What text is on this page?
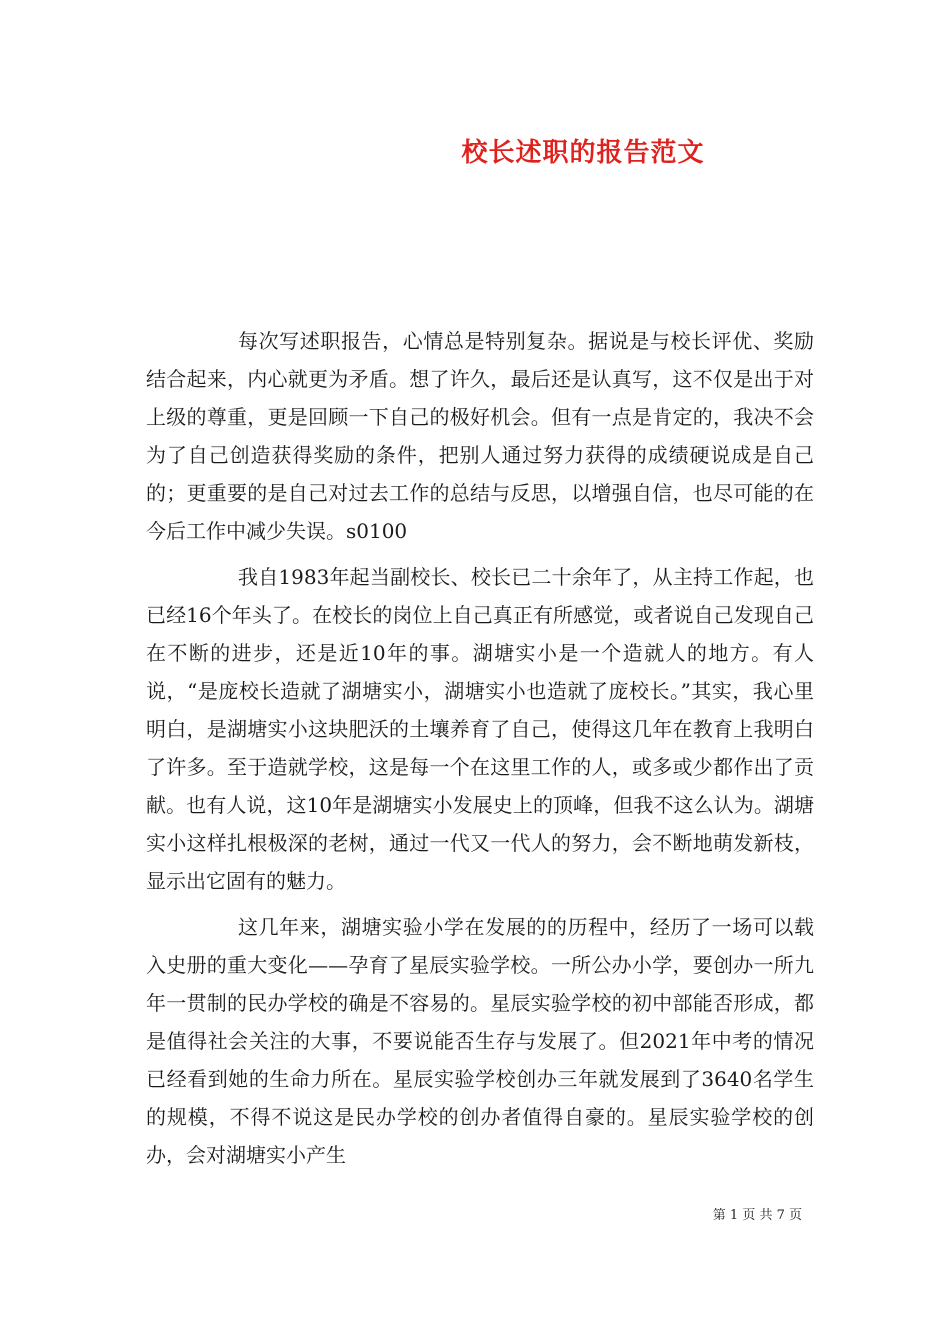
校长述职的报告范文

每次写述职报告，心情总是特别复杂。据说是与校长评优、奖励结合起来，内心就更为矛盾。想了许久，最后还是认真写，这不仅是出于对上级的尊重，更是回顾一下自己的极好机会。但有一点是肯定的，我决不会为了自己创造获得奖励的条件，把别人通过努力获得的成绩硬说成是自己的；更重要的是自己对过去工作的总结与反思，以增强自信，也尽可能的在今后工作中减少失误。s0100

我自1983年起当副校长、校长已二十余年了，从主持工作起，也已经16个年头了。在校长的岗位上自己真正有所感觉，或者说自己发现自己在不断的进步，还是近10年的事。湖塘实小是一个造就人的地方。有人说，“是庞校长造就了湖塘实小，湖塘实小也造就了庞校长。”其实，我心里明白，是湖塘实小这块肥沃的土壤养育了自己，使得这几年在教育上我明白了许多。至于造就学校，这是每一个在这里工作的人，或多或少都作出了贡献。也有人说，这10年是湖塘实小发展史上的顶峰，但我不这么认为。湖塘实小这样扎根极深的老树，通过一代又一代人的努力，会不断地萌发新枝，显示出它固有的魅力。

这几年来，湖塘实验小学在发展的的历程中，经历了一场可以载入史册的重大变化——孕育了星辰实验学校。一所公办小学，要创办一所九年一贯制的民办学校的确是不容易的。星辰实验学校的初中部能否形成，都是值得社会关注的大事，不要说能否生存与发展了。但2021年中考的情况已经看到她的生命力所在。星辰实验学校创办三年就发展到了3640名学生的规模，不得不说这是民办学校的创办者值得自豪的。星辰实验学校的创办，会对湖塘实小产生

第 1 页 共 7 页
